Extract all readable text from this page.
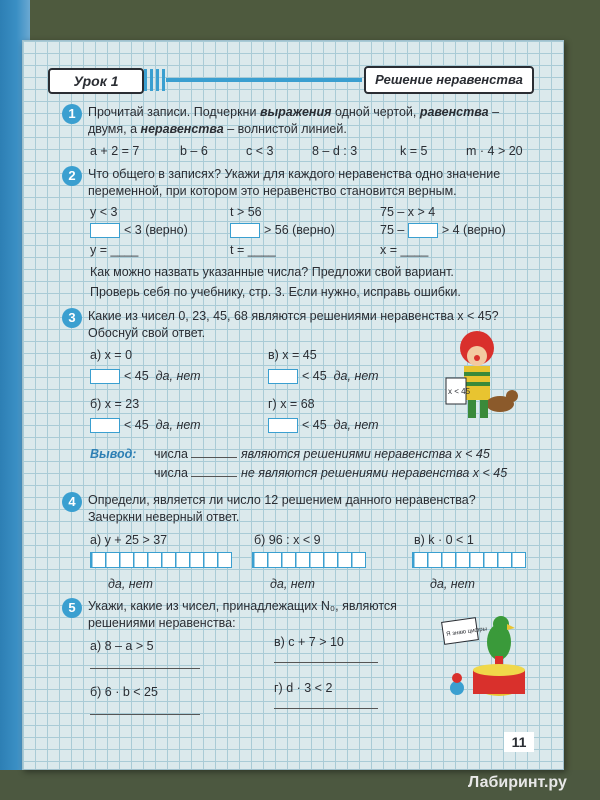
Урок 1	Решение неравенства
1 Прочитай записи. Подчеркни выражения одной чертой, равенства –
двумя, а неравенства – волнистой линией.
a + 2 = 7	b – 6	c < 3	8 – d : 3	k = 5	m · 4 > 20
2 Что общего в записях? Укажи для каждого неравенства одно значение
переменной, при котором это неравенство становится верным.
y < 3	t > 56	75 – x > 4
< 3 (верно)	> 56 (верно)	75 –	> 4 (верно)
y = ____	t = ____	x = ____
Как можно назвать указанные числа? Предложи свой вариант.
Проверь себя по учебнику, стр. 3. Если нужно, исправь ошибки.
3 Какие из чисел 0, 23, 45, 68 являются решениями неравенства x < 45?
Обоснуй свой ответ.
а) x = 0	в) x = 45
< 45 да, нет	< 45 да, нет
б) x = 23	г) x = 68
< 45 да, нет	< 45 да, нет
x < 45
Вывод: числа	являются решениями неравенства x < 45
числа	не являются решениями неравенства x < 45
4 Определи, является ли число 12 решением данного неравенства?
Зачеркни неверный ответ.
а) y + 25 > 37	б) 96 : x < 9	в) k · 0 < 1
да, нет	да, нет	да, нет
5 Укажи, какие из чисел, принадлежащих N₀, являются
решениями неравенства:
а) 8 – a > 5	в) c + 7 > 10
б) 6 · b < 25	г) d · 3 < 2
Я знаю цифры
11
Лабиринт.ру
